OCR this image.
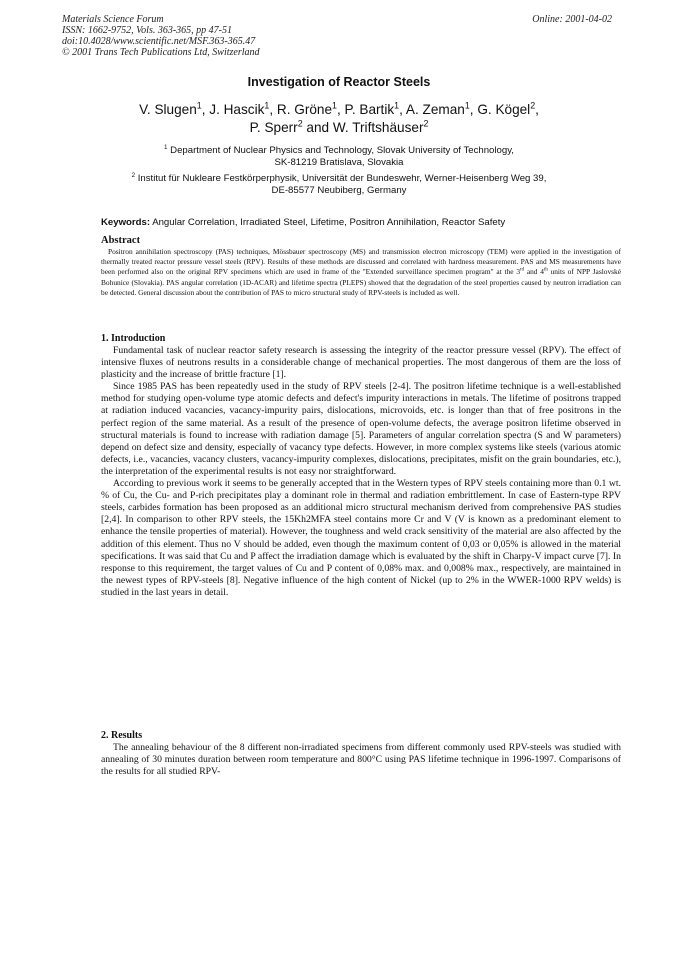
Materials Science Forum
ISSN: 1662-9752, Vols. 363-365, pp 47-51
doi:10.4028/www.scientific.net/MSF.363-365.47
© 2001 Trans Tech Publications Ltd, Switzerland
Online: 2001-04-02
Investigation of Reactor Steels
V. Slugen$^1$, J. Hascik$^1$, R. Gröne$^1$, P. Bartik$^1$, A. Zeman$^1$, G. Kögel$^2$,
P. Sperr$^2$ and W. Triftshäuser$^2$
$^1$ Department of Nuclear Physics and Technology, Slovak University of Technology,
SK-81219 Bratislava, Slovakia
$^2$ Institut für Nukleare Festkörperphysik, Universität der Bundeswehr, Werner-Heisenberg Weg 39,
DE-85577 Neubiberg, Germany
Keywords: Angular Correlation, Irradiated Steel, Lifetime, Positron Annihilation, Reactor Safety
Abstract

Positron annihilation spectroscopy (PAS) techniques, Mössbauer spectroscopy (MS) and transmission electron microscopy (TEM) were applied in the investigation of thermally treated reactor pressure vessel steels (RPV). Results of these methods are discussed and correlated with hardness measurement. PAS and MS measurements have been performed also on the original RPV specimens which are used in frame of the "Extended surveillance specimen program" at the 3rd and 4th units of NPP Jaslovské Bohunice (Slovakia). PAS angular correlation (1D-ACAR) and lifetime spectra (PLEPS) showed that the degradation of the steel properties caused by neutron irradiation can be detected. General discussion about the contribution of PAS to micro structural study of RPV-steels is included as well.

1. Introduction

Fundamental task of nuclear reactor safety research is assessing the integrity of the reactor pressure vessel (RPV). The effect of intensive fluxes of neutrons results in a considerable change of mechanical properties. The most dangerous of them are the loss of plasticity and the increase of brittle fracture [1].

Since 1985 PAS has been repeatedly used in the study of RPV steels [2-4]. The positron lifetime technique is a well-established method for studying open-volume type atomic defects and defect's impurity interactions in metals. The lifetime of positrons trapped at radiation induced vacancies, vacancy-impurity pairs, dislocations, microvoids, etc. is longer than that of free positrons in the perfect region of the same material. As a result of the presence of open-volume defects, the average positron lifetime observed in structural materials is found to increase with radiation damage [5]. Parameters of angular correlation spectra (S and W parameters) depend on defect size and density, especially of vacancy type defects. However, in more complex systems like steels (various atomic defects, i.e., vacancies, vacancy clusters, vacancy-impurity complexes, dislocations, precipitates, misfit on the grain boundaries, etc.), the interpretation of the experimental results is not easy nor straightforward.

According to previous work it seems to be generally accepted that in the Western types of RPV steels containing more than 0.1 wt. % of Cu, the Cu- and P-rich precipitates play a dominant role in thermal and radiation embrittlement. In case of Eastern-type RPV steels, carbides formation has been proposed as an additional micro structural mechanism derived from comprehensive PAS studies [2,4]. In comparison to other RPV steels, the 15Kh2MFA steel contains more Cr and V (V is known as a predominant element to enhance the tensile properties of material). However, the toughness and weld crack sensitivity of the material are also affected by the addition of this element. Thus no V should be added, even though the maximum content of 0,03 or 0,05% is allowed in the material specifications. It was said that Cu and P affect the irradiation damage which is evaluated by the shift in Charpy-V impact curve [7]. In response to this requirement, the target values of Cu and P content of 0,08% max. and 0,008% max., respectively, are maintained in the newest types of RPV-steels [8]. Negative influence of the high content of Nickel (up to 2% in the WWER-1000 RPV welds) is studied in the last years in detail.

2. Results

The annealing behaviour of the 8 different non-irradiated specimens from different commonly used RPV-steels was studied with annealing of 30 minutes duration between room temperature and 800°C using PAS lifetime technique in 1996-1997. Comparisons of the results for all studied RPV-
